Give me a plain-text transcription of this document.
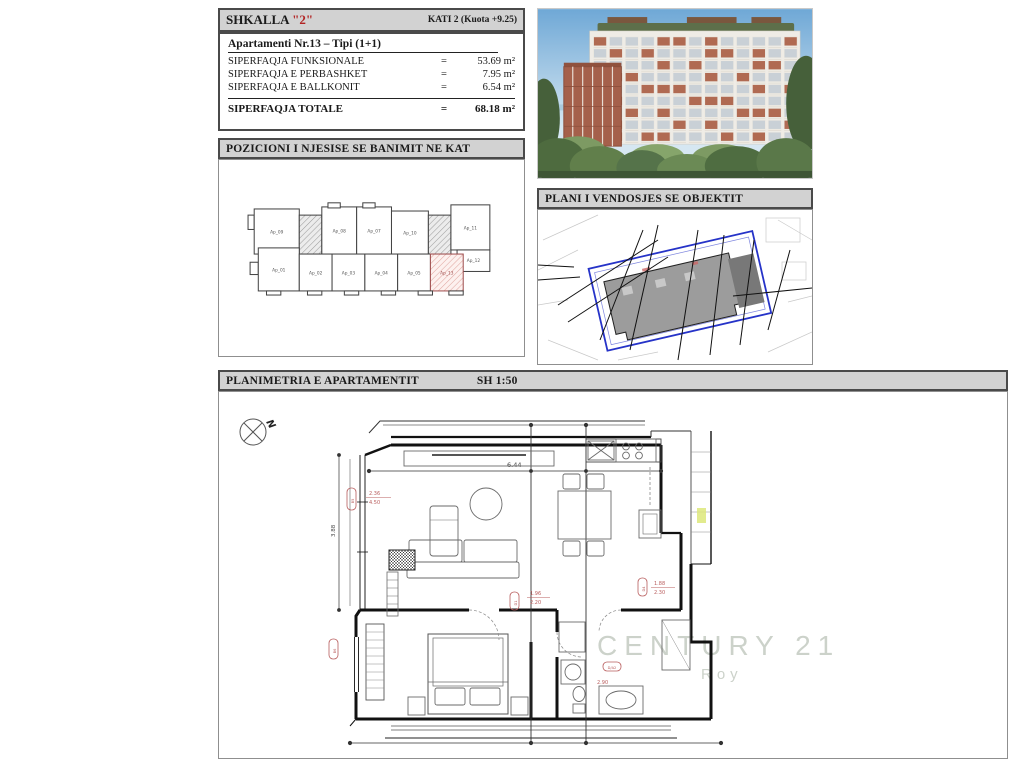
SHKALLA "2"	KATI 2 (Kuota +9.25)
Apartamenti Nr.13 – Tipi (1+1)
SIPERFAQJA FUNKSIONALE	=	53.69 m²
SIPERFAQJA E PERBASHKET	=	7.95 m²
SIPERFAQJA E BALLKONIT	=	6.54 m²
SIPERFAQJA TOTALE	=	68.18 m²
POZICIONI I NJESISE SE BANIMIT NE KAT
Ap_09	Ap_08	Ap_07	Ap_10
Ap_11
Ap_12
Ap_01
Ap_02	Ap_03	Ap_04	Ap_05	Ap_13
PLANI I VENDOSJES SE OBJEKTIT
PLANIMETRIA E APARTAMENTIT	SH 1:50
CENTURY 21
Roy
N
6.44
3.88
2.36
4.50
1.96
2.20
1.88
2.30
2.90
B5
B6
D1
D4
D/A2
